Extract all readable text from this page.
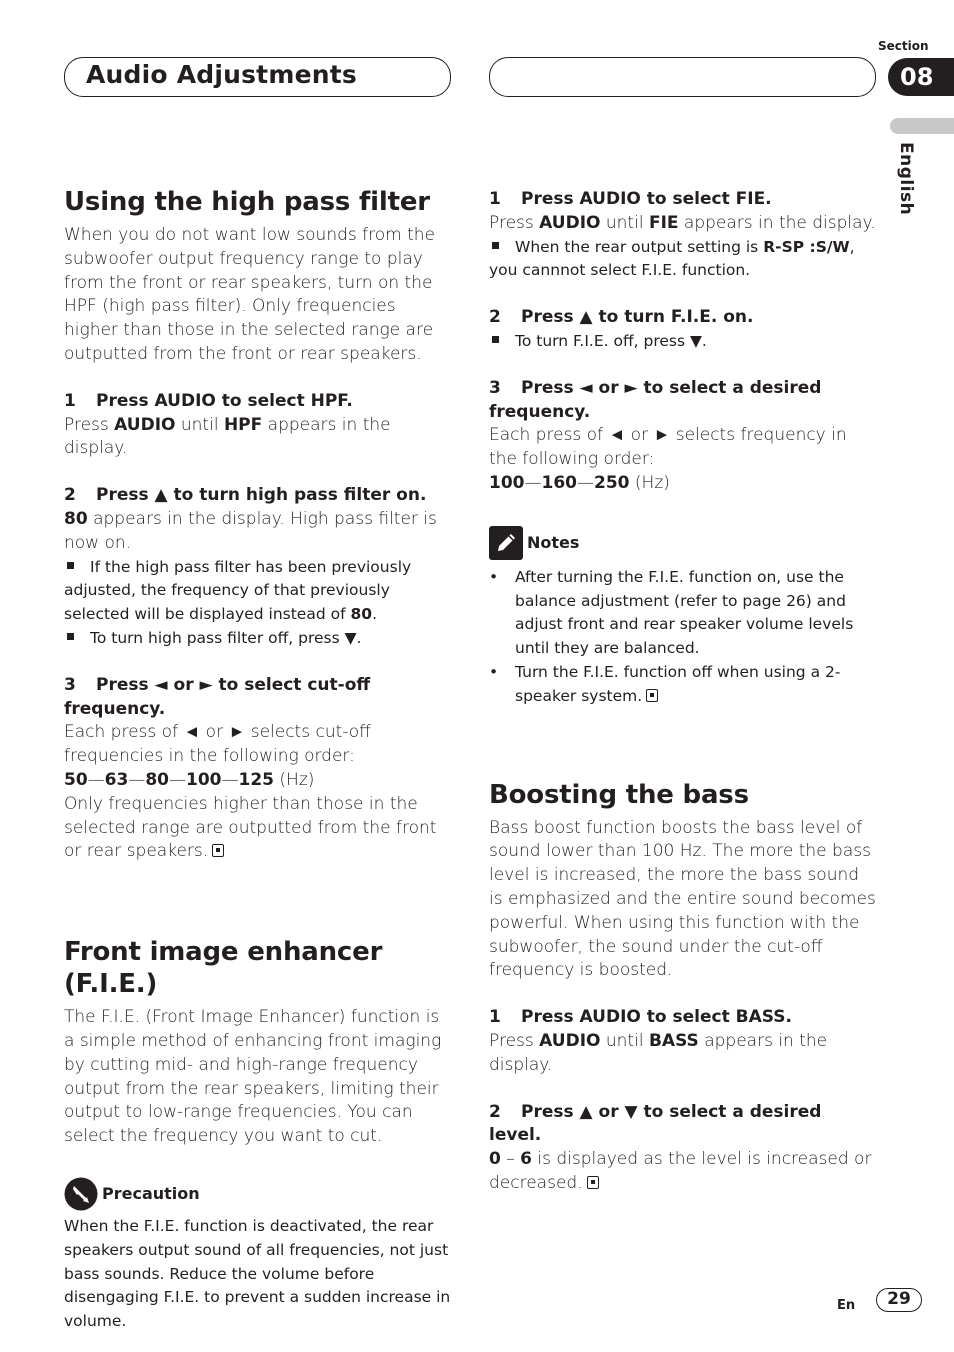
Audio Adjustments
Section
08
English
Using the high pass filter

When you do not want low sounds from the subwoofer output frequency range to play from the front or rear speakers, turn on the HPF (high pass filter). Only frequencies higher than those in the selected range are outputted from the front or rear speakers.

1 Press AUDIO to select HPF.

Press AUDIO until HPF appears in the display.

2 Press ▲ to turn high pass filter on.

80 appears in the display. High pass filter is now on.

If the high pass filter has been previously adjusted, the frequency of that previously selected will be displayed instead of 80.

To turn high pass filter off, press ▼.

3 Press ◄ or ► to select cut-off frequency.

Each press of ◄ or ► selects cut-off frequencies in the following order:

50—63—80—100—125 (Hz)

Only frequencies higher than those in the selected range are outputted from the front or rear speakers.

Front image enhancer (F.I.E.)

The F.I.E. (Front Image Enhancer) function is a simple method of enhancing front imaging by cutting mid- and high-range frequency output from the rear speakers, limiting their output to low-range frequencies. You can select the frequency you want to cut.

Precaution

When the F.I.E. function is deactivated, the rear speakers output sound of all frequencies, not just bass sounds. Reduce the volume before disengaging F.I.E. to prevent a sudden increase in volume.

1 Press AUDIO to select FIE.

Press AUDIO until FIE appears in the display.

When the rear output setting is R-SP :S/W, you cannnot select F.I.E. function.

2 Press ▲ to turn F.I.E. on.

To turn F.I.E. off, press ▼.

3 Press ◄ or ► to select a desired frequency.

Each press of ◄ or ► selects frequency in the following order:

100—160—250 (Hz)

Notes
•	After turning the F.I.E. function on, use the balance adjustment (refer to page 26) and adjust front and rear speaker volume levels until they are balanced.
•	Turn the F.I.E. function off when using a 2-speaker system.
Boosting the bass

Bass boost function boosts the bass level of sound lower than 100 Hz. The more the bass level is increased, the more the bass sound is emphasized and the entire sound becomes powerful. When using this function with the subwoofer, the sound under the cut-off frequency is boosted.

1 Press AUDIO to select BASS.

Press AUDIO until BASS appears in the display.

2 Press ▲ or ▼ to select a desired level.

0 – 6 is displayed as the level is increased or decreased.

En	29
